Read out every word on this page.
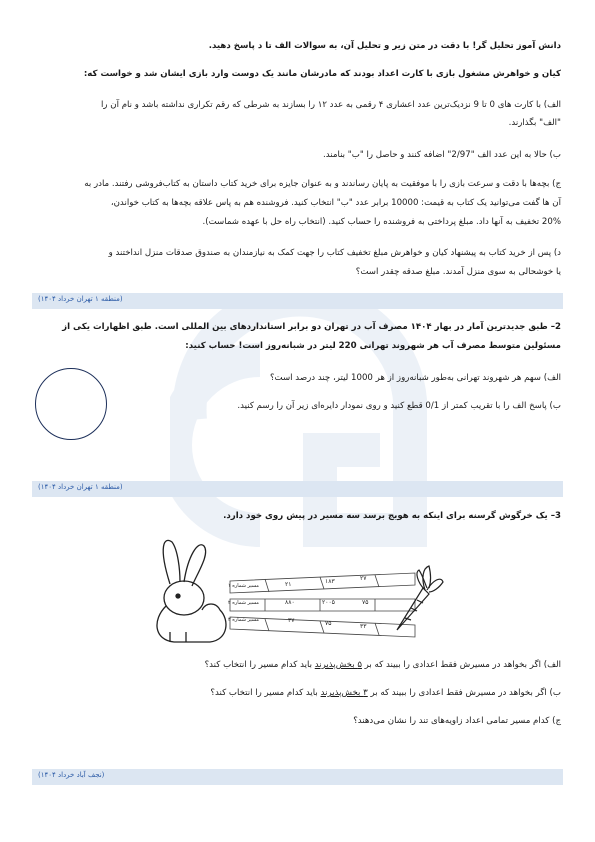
دانش آموز تحلیل گر! با دقت در متن زیر و تحلیل آن، به سوالات الف تا د پاسخ دهید.
کیان و خواهرش مشغول بازی با کارت اعداد بودند که مادرشان مانند یک دوست وارد بازی ایشان شد و خواست که:
الف) با کارت های 0 تا 9 نزدیک‌ترین عدد اعشاری ۴ رقمی به عدد ۱۲ را بسازند به شرطی که رقم تکراری نداشته باشد و نام آن را
"الف" بگذارند.
ب) حالا به این عدد الف "2/97" اضافه کنند و حاصل را "ب" بنامند.
ج) بچه‌ها با دقت و سرعت بازی را با موفقیت به پایان رساندند و به عنوان جایزه برای خرید کتاب داستان به کتاب‌فروشی رفتند. مادر به
آن ها گفت می‌توانید یک کتاب به قیمت: 10000 برابر عدد "ب" انتخاب کنید. فروشنده هم به پاس علاقه بچه‌ها به کتاب خواندن،
20% تخفیف به آنها داد. مبلغ پرداختی به فروشنده را حساب کنید. (انتخاب راه حل با عهده شماست).
د) پس از خرید کتاب به پیشنهاد کیان و خواهرش مبلغ تخفیف کتاب را جهت کمک به نیازمندان به صندوق صدقات منزل انداختند و
یا خوشحالی به سوی منزل آمدند. مبلغ صدقه چقدر است؟
(منطقه ۱ تهران خرداد ۱۴۰۴)
2– طبق جدیدترین آمار در بهار ۱۴۰۴ مصرف آب در تهران دو برابر استانداردهای بین المللی است. طبق اظهارات یکی از
مسئولین متوسط مصرف آب هر شهروند تهرانی 220 لیتر در شبانه‌روز است! حساب کنید:
الف) سهم هر شهروند تهرانی به‌طور شبانه‌روز از هر 1000 لیتر، چند درصد است؟
ب) پاسخ الف را با تقریب کمتر از 0/1 قطع کنید و روی نمودار دایره‌ای زیر آن را رسم کنید.
(منطقه ۱ تهران خرداد ۱۴۰۴)
3– یک خرگوش گرسنه برای اینکه به هویج برسد سه مسیر در پیش روی خود دارد.
مسیر شماره ۱
مسیر شماره ۲
مسیر شماره ۳
۲۷
۱۸۳
۲۱
۷۵
۲۰۰۵
۸۸۰
۳۳
۷۵
۳۷
الف) اگر بخواهد در مسیرش فقط اعدادی را ببیند که بر ۵ بخش‌پذیرند باید کدام مسیر را انتخاب کند؟
ب) اگر بخواهد در مسیرش فقط اعدادی را ببیند که بر ۳ بخش‌پذیرند باید کدام مسیر را انتخاب کند؟
ج) کدام مسیر تمامی اعداد زاویه‌های تند را نشان می‌دهند؟
(نجف آباد خرداد ۱۴۰۴)
